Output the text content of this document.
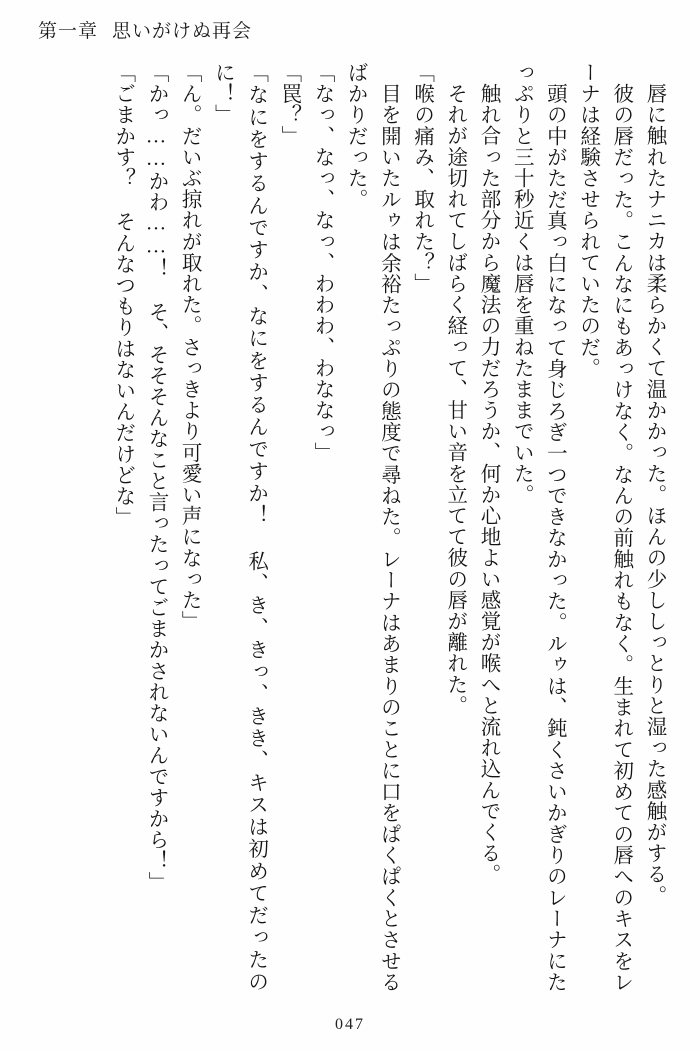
第一章 思いがけぬ再会

唇に触れたナニカは柔らかくて温かかった。ほんの少ししっとりと湿った感触がする。

彼の唇だった。こんなにもあっけなく。なんの前触れもなく。生まれて初めての唇へのキスをレーナは経験させられていたのだ。

頭の中がただ真っ白になって身じろぎ一つできなかった。ルゥは、鈍くさいかぎりのレーナにたっぷりと三十秒近くは唇を重ねたままでいた。

触れ合った部分から魔法の力だろうか、何か心地よい感覚が喉へと流れ込んでくる。

それが途切れてしばらく経って、甘い音を立てて彼の唇が離れた。

「喉の痛み、取れた？」

目を開いたルゥは余裕たっぷりの態度で尋ねた。レーナはあまりのことに口をぱくぱくとさせるばかりだった。

「なっ、なっ、なっ、わわわ、わななっ」

「罠？」

「なにをするんですか、なにをするんですか！ 私、き、きっ、きき、キスは初めてだったのに！」

「ん。だいぶ掠れが取れた。さっきより可愛い声になった」

「かっ……かわ……！ そ、そそそんなこと言ったってごまかされないんですから！」

「ごまかす？ そんなつもりはないんだけどな」

047
